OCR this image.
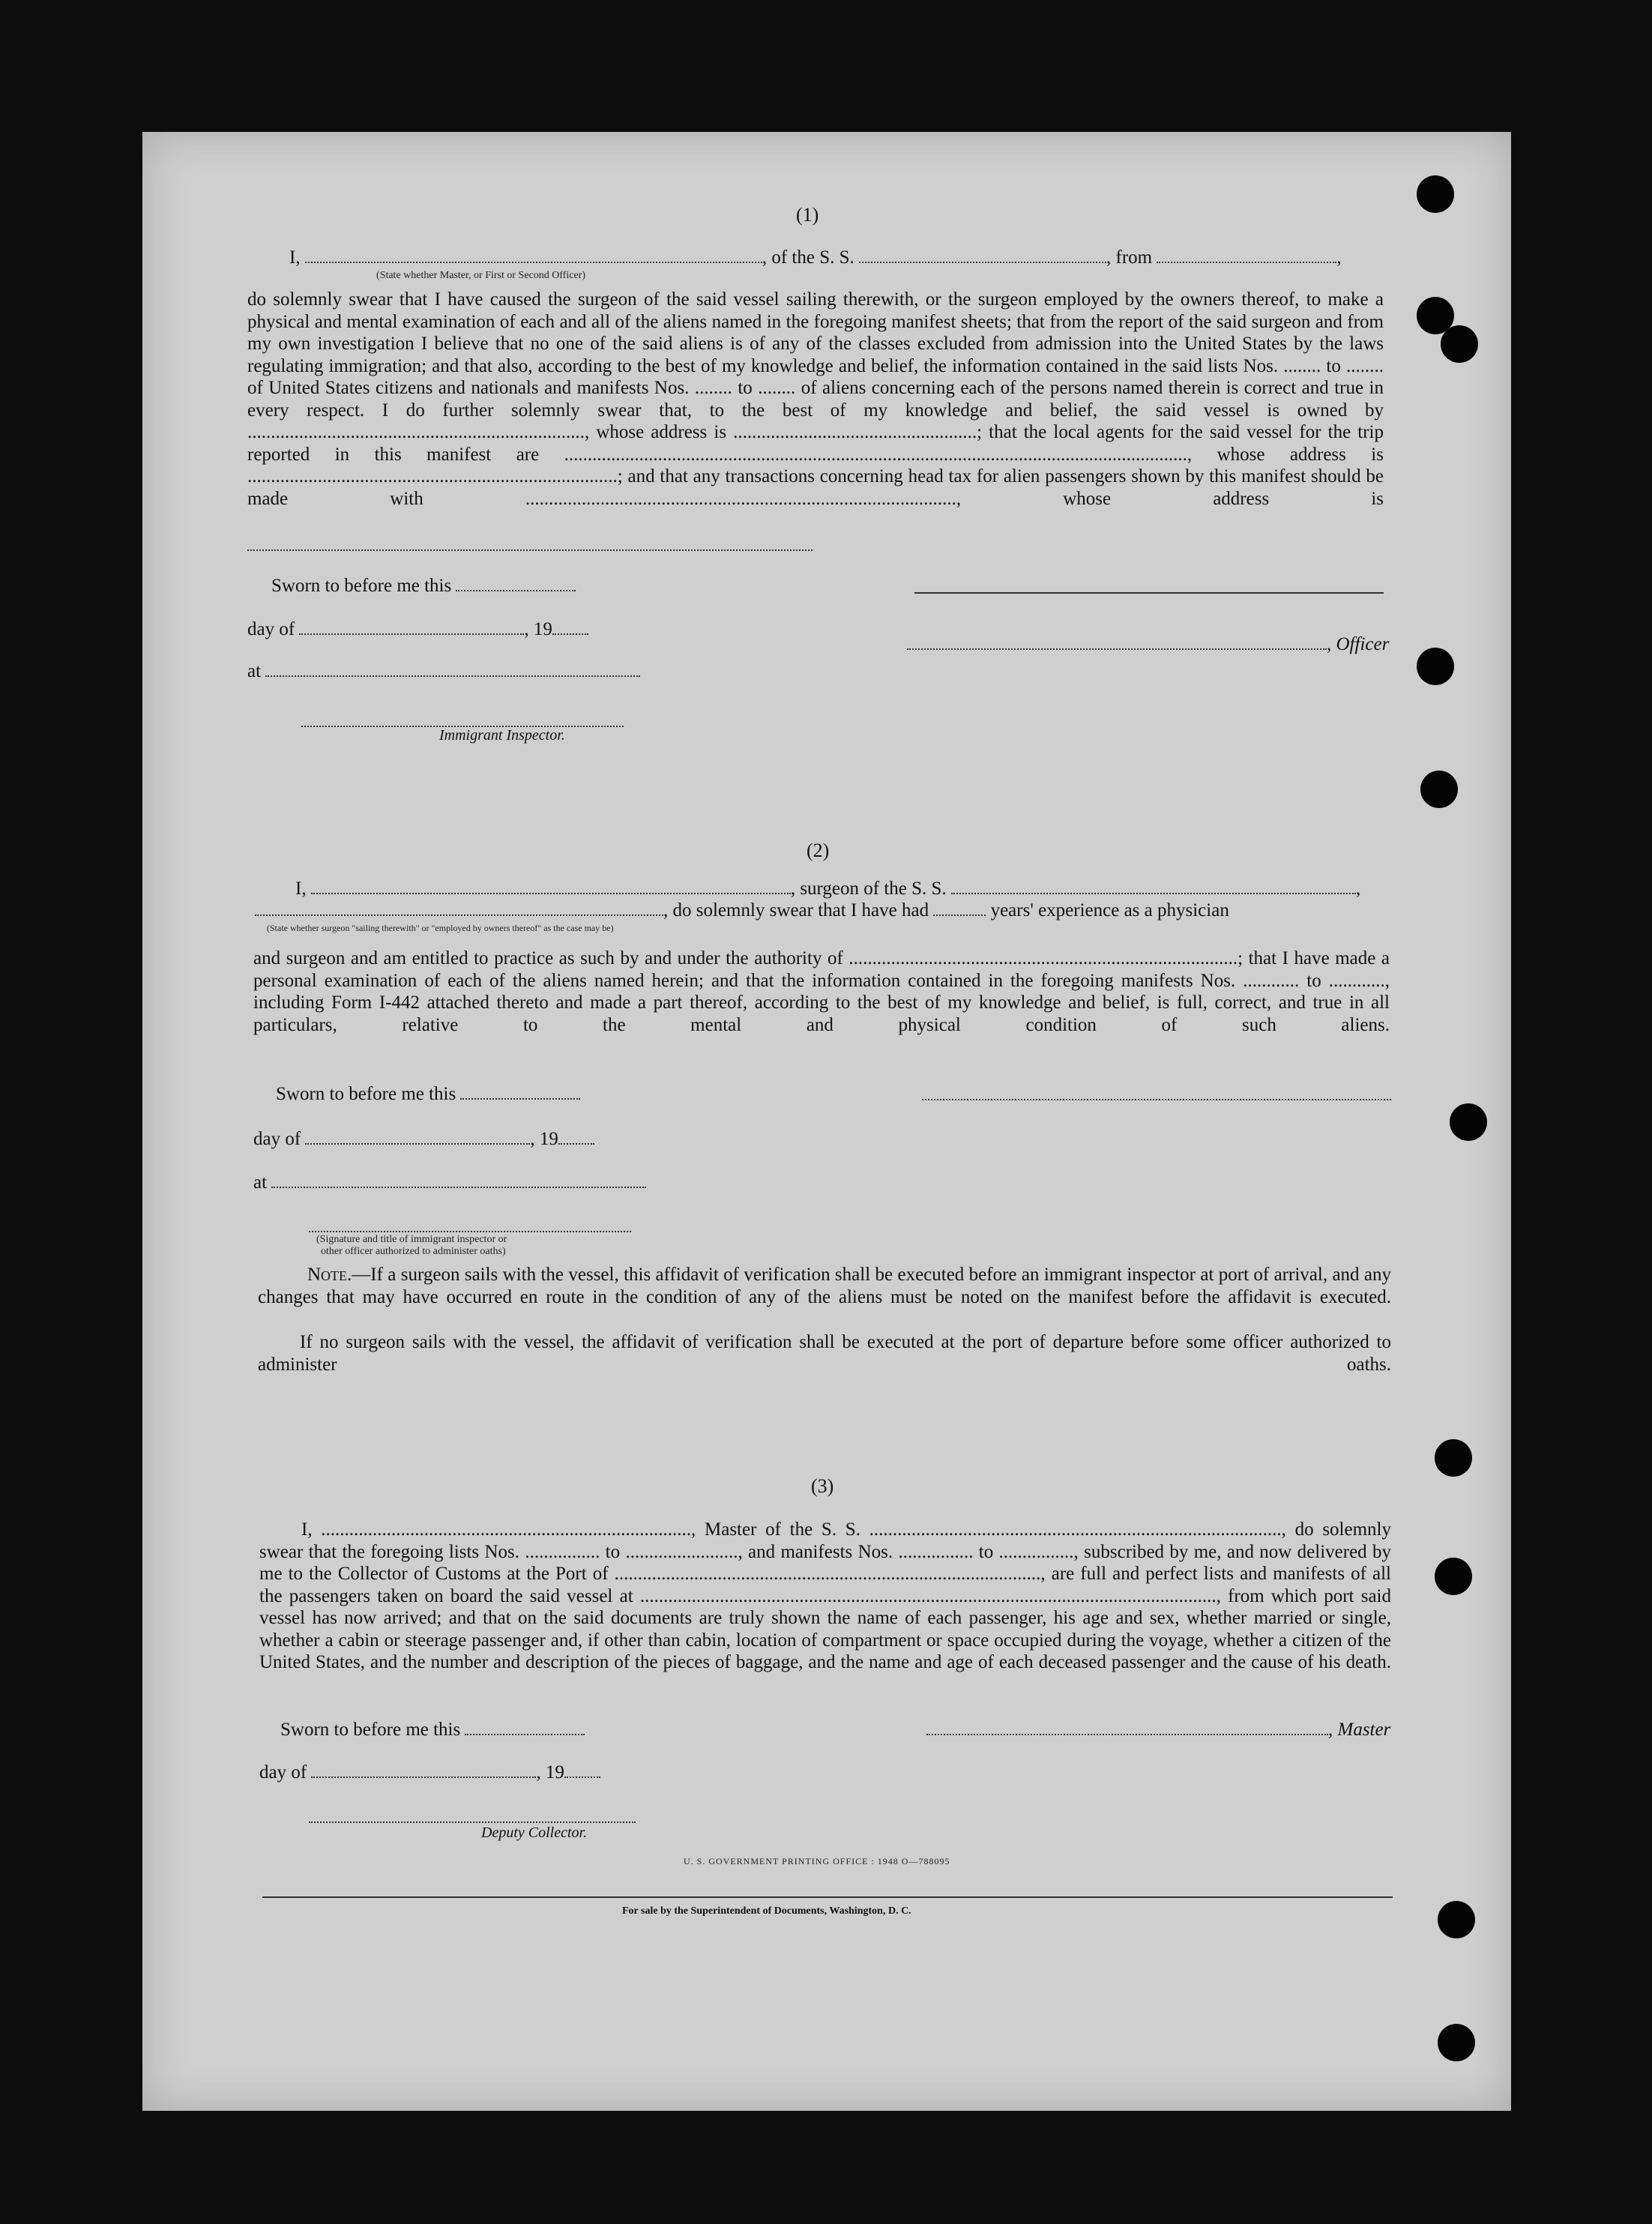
(1)
I,	, of the S. S.	, from	,
(State whether Master, or First or Second Officer)
do solemnly swear that I have caused the surgeon of the said vessel sailing therewith, or the surgeon employed by the owners thereof, to make a physical and mental examination of each and all of the aliens named in the foregoing manifest sheets; that from the report of the said surgeon and from my own investigation I believe that no one of the said aliens is of any of the classes excluded from admission into the United States by the laws regulating immigration; and that also, according to the best of my knowledge and belief, the information contained in the said lists Nos. ........ to ........ of United States citizens and nationals and manifests Nos. ........ to ........ of aliens concerning each of the persons named therein is correct and true in every respect. I do further solemnly swear that, to the best of my knowledge and belief, the said vessel is owned by ........................................................................, whose address is ....................................................; that the local agents for the said vessel for the trip reported in this manifest are ....................................................................................................................................., whose address is ...............................................................................; and that any transactions concerning head tax for alien passengers shown by this manifest should be made with ............................................................................................, whose address is
Sworn to before me this
day of	, 19
, Officer
at
Immigrant Inspector.
(2)
I,	, surgeon of the S. S.	,
, do solemnly swear that I have had	years' experience as a physician
(State whether surgeon "sailing therewith" or "employed by owners thereof" as the case may be)
and surgeon and am entitled to practice as such by and under the authority of ...................................................................................; that I have made a personal examination of each of the aliens named herein; and that the information contained in the foregoing manifests Nos. ............ to ............, including Form I-442 attached thereto and made a part thereof, according to the best of my knowledge and belief, is full, correct, and true in all particulars, relative to the mental and physical condition of such aliens.
Sworn to before me this
day of	, 19
at
(Signature and title of immigrant inspector or
other officer authorized to administer oaths)
Note.—If a surgeon sails with the vessel, this affidavit of verification shall be executed before an immigrant inspector at port of arrival, and any changes that may have occurred en route in the condition of any of the aliens must be noted on the manifest before the affidavit is executed.
If no surgeon sails with the vessel, the affidavit of verification shall be executed at the port of departure before some officer authorized to administer oaths.
(3)
I, ..............................................................................., Master of the S. S. ........................................................................................, do solemnly swear that the foregoing lists Nos. ................ to ........................, and manifests Nos. ................ to ................, subscribed by me, and now delivered by me to the Collector of Customs at the Port of ..........................................................................................., are full and perfect lists and manifests of all the passengers taken on board the said vessel at ..........................................................................................................................., from which port said vessel has now arrived; and that on the said documents are truly shown the name of each passenger, his age and sex, whether married or single, whether a cabin or steerage passenger and, if other than cabin, location of compartment or space occupied during the voyage, whether a citizen of the United States, and the number and description of the pieces of baggage, and the name and age of each deceased passenger and the cause of his death.
Sworn to before me this	, Master
day of	, 19
Deputy Collector.
U. S. GOVERNMENT PRINTING OFFICE : 1948 O—788095
For sale by the Superintendent of Documents, Washington, D. C.
